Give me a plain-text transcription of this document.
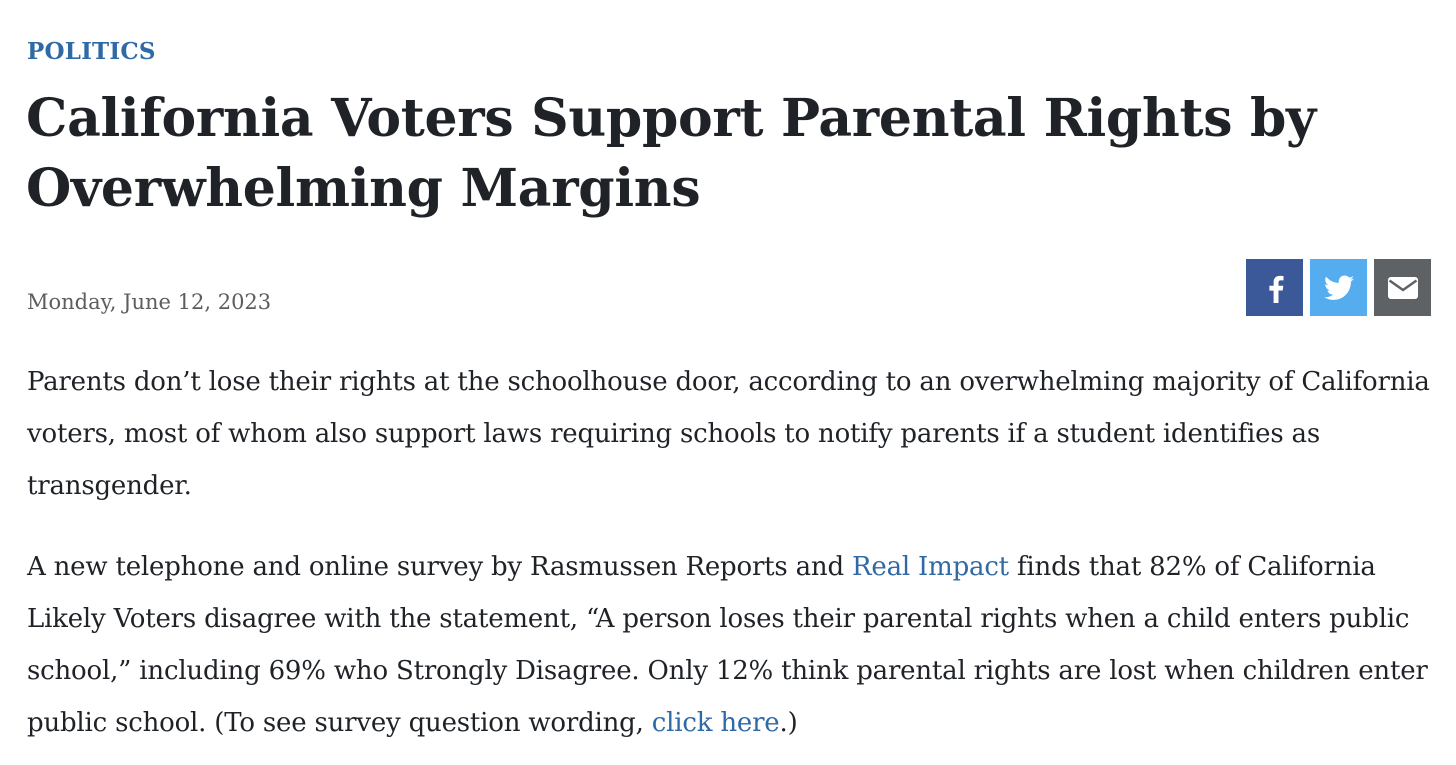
POLITICS
California Voters Support Parental Rights by Overwhelming Margins
Monday, June 12, 2023

Parents don’t lose their rights at the schoolhouse door, according to an overwhelming majority of California voters, most of whom also support laws requiring schools to notify parents if a student identifies as transgender.

A new telephone and online survey by Rasmussen Reports and Real Impact finds that 82% of California Likely Voters disagree with the statement, “A person loses their parental rights when a child enters public school,” including 69% who Strongly Disagree. Only 12% think parental rights are lost when children enter public school. (To see survey question wording, click here.)
